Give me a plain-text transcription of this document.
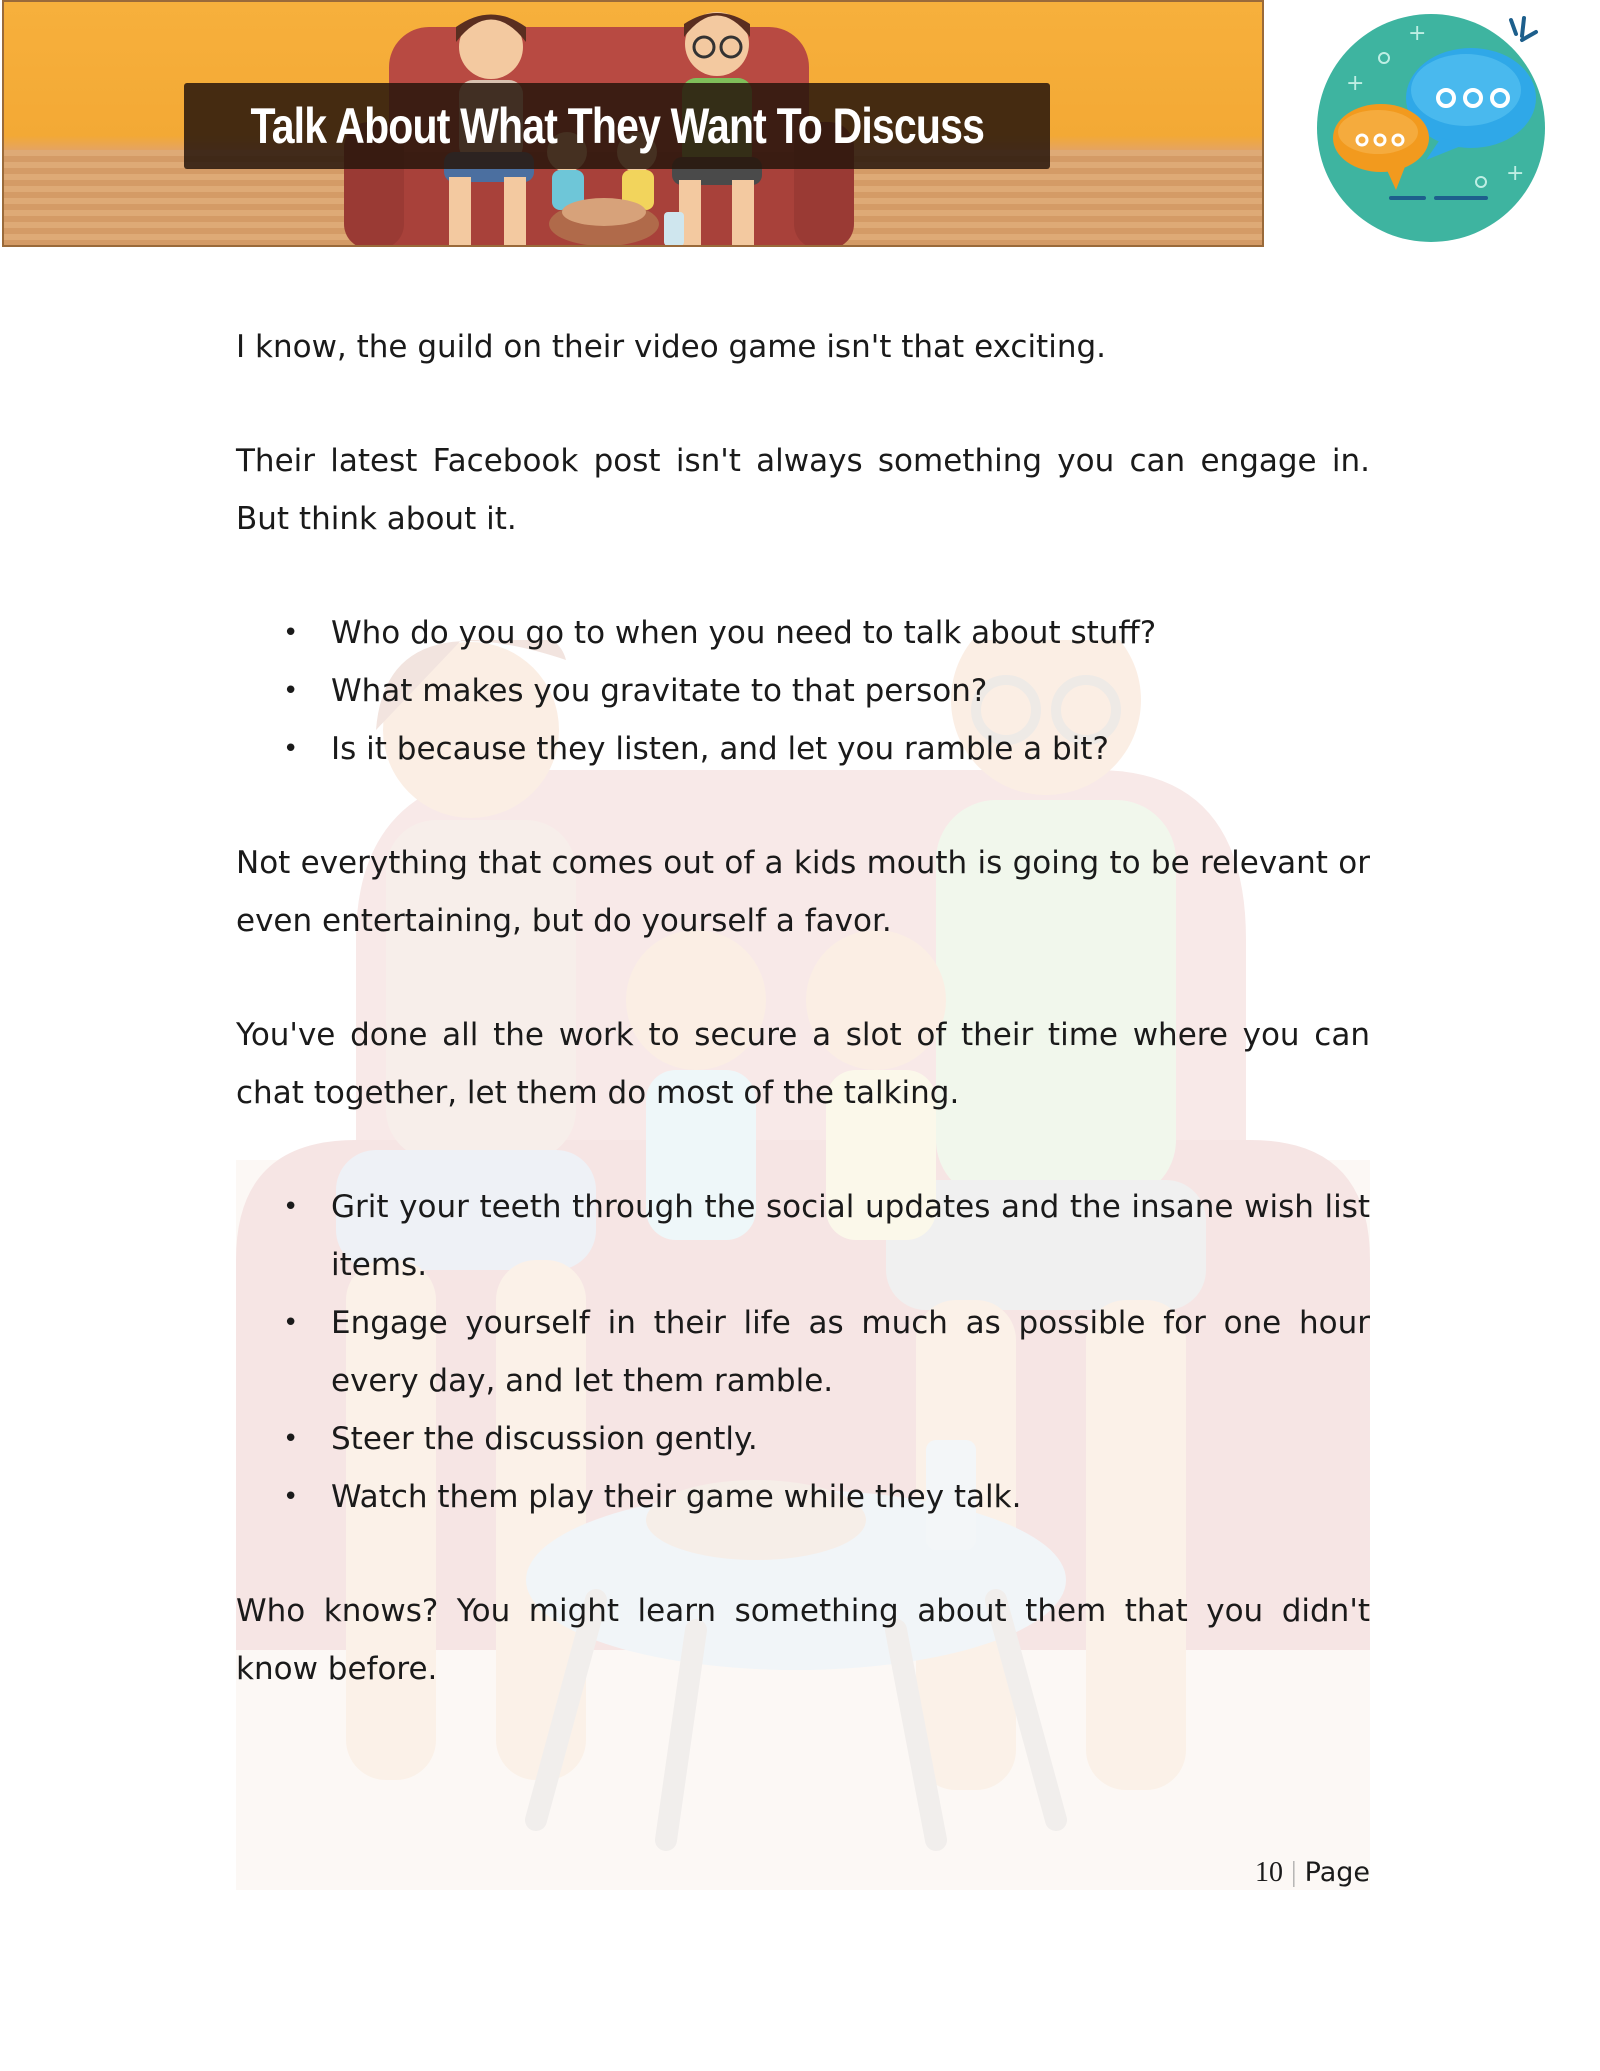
Talk About What They Want To Discuss
+
+
+

I know, the guild on their video game isn't that exciting.

Their latest Facebook post isn't always something you can engage in. But think about it.

• Who do you go to when you need to talk about stuff?
• What makes you gravitate to that person?
• Is it because they listen, and let you ramble a bit?

Not everything that comes out of a kids mouth is going to be relevant or even entertaining, but do yourself a favor.

You've done all the work to secure a slot of their time where you can chat together, let them do most of the talking.

• Grit your teeth through the social updates and the insane wish list items.
• Engage yourself in their life as much as possible for one hour every day, and let them ramble.
• Steer the discussion gently.
• Watch them play their game while they talk.

Who knows? You might learn something about them that you didn't know before.

10 | Page
